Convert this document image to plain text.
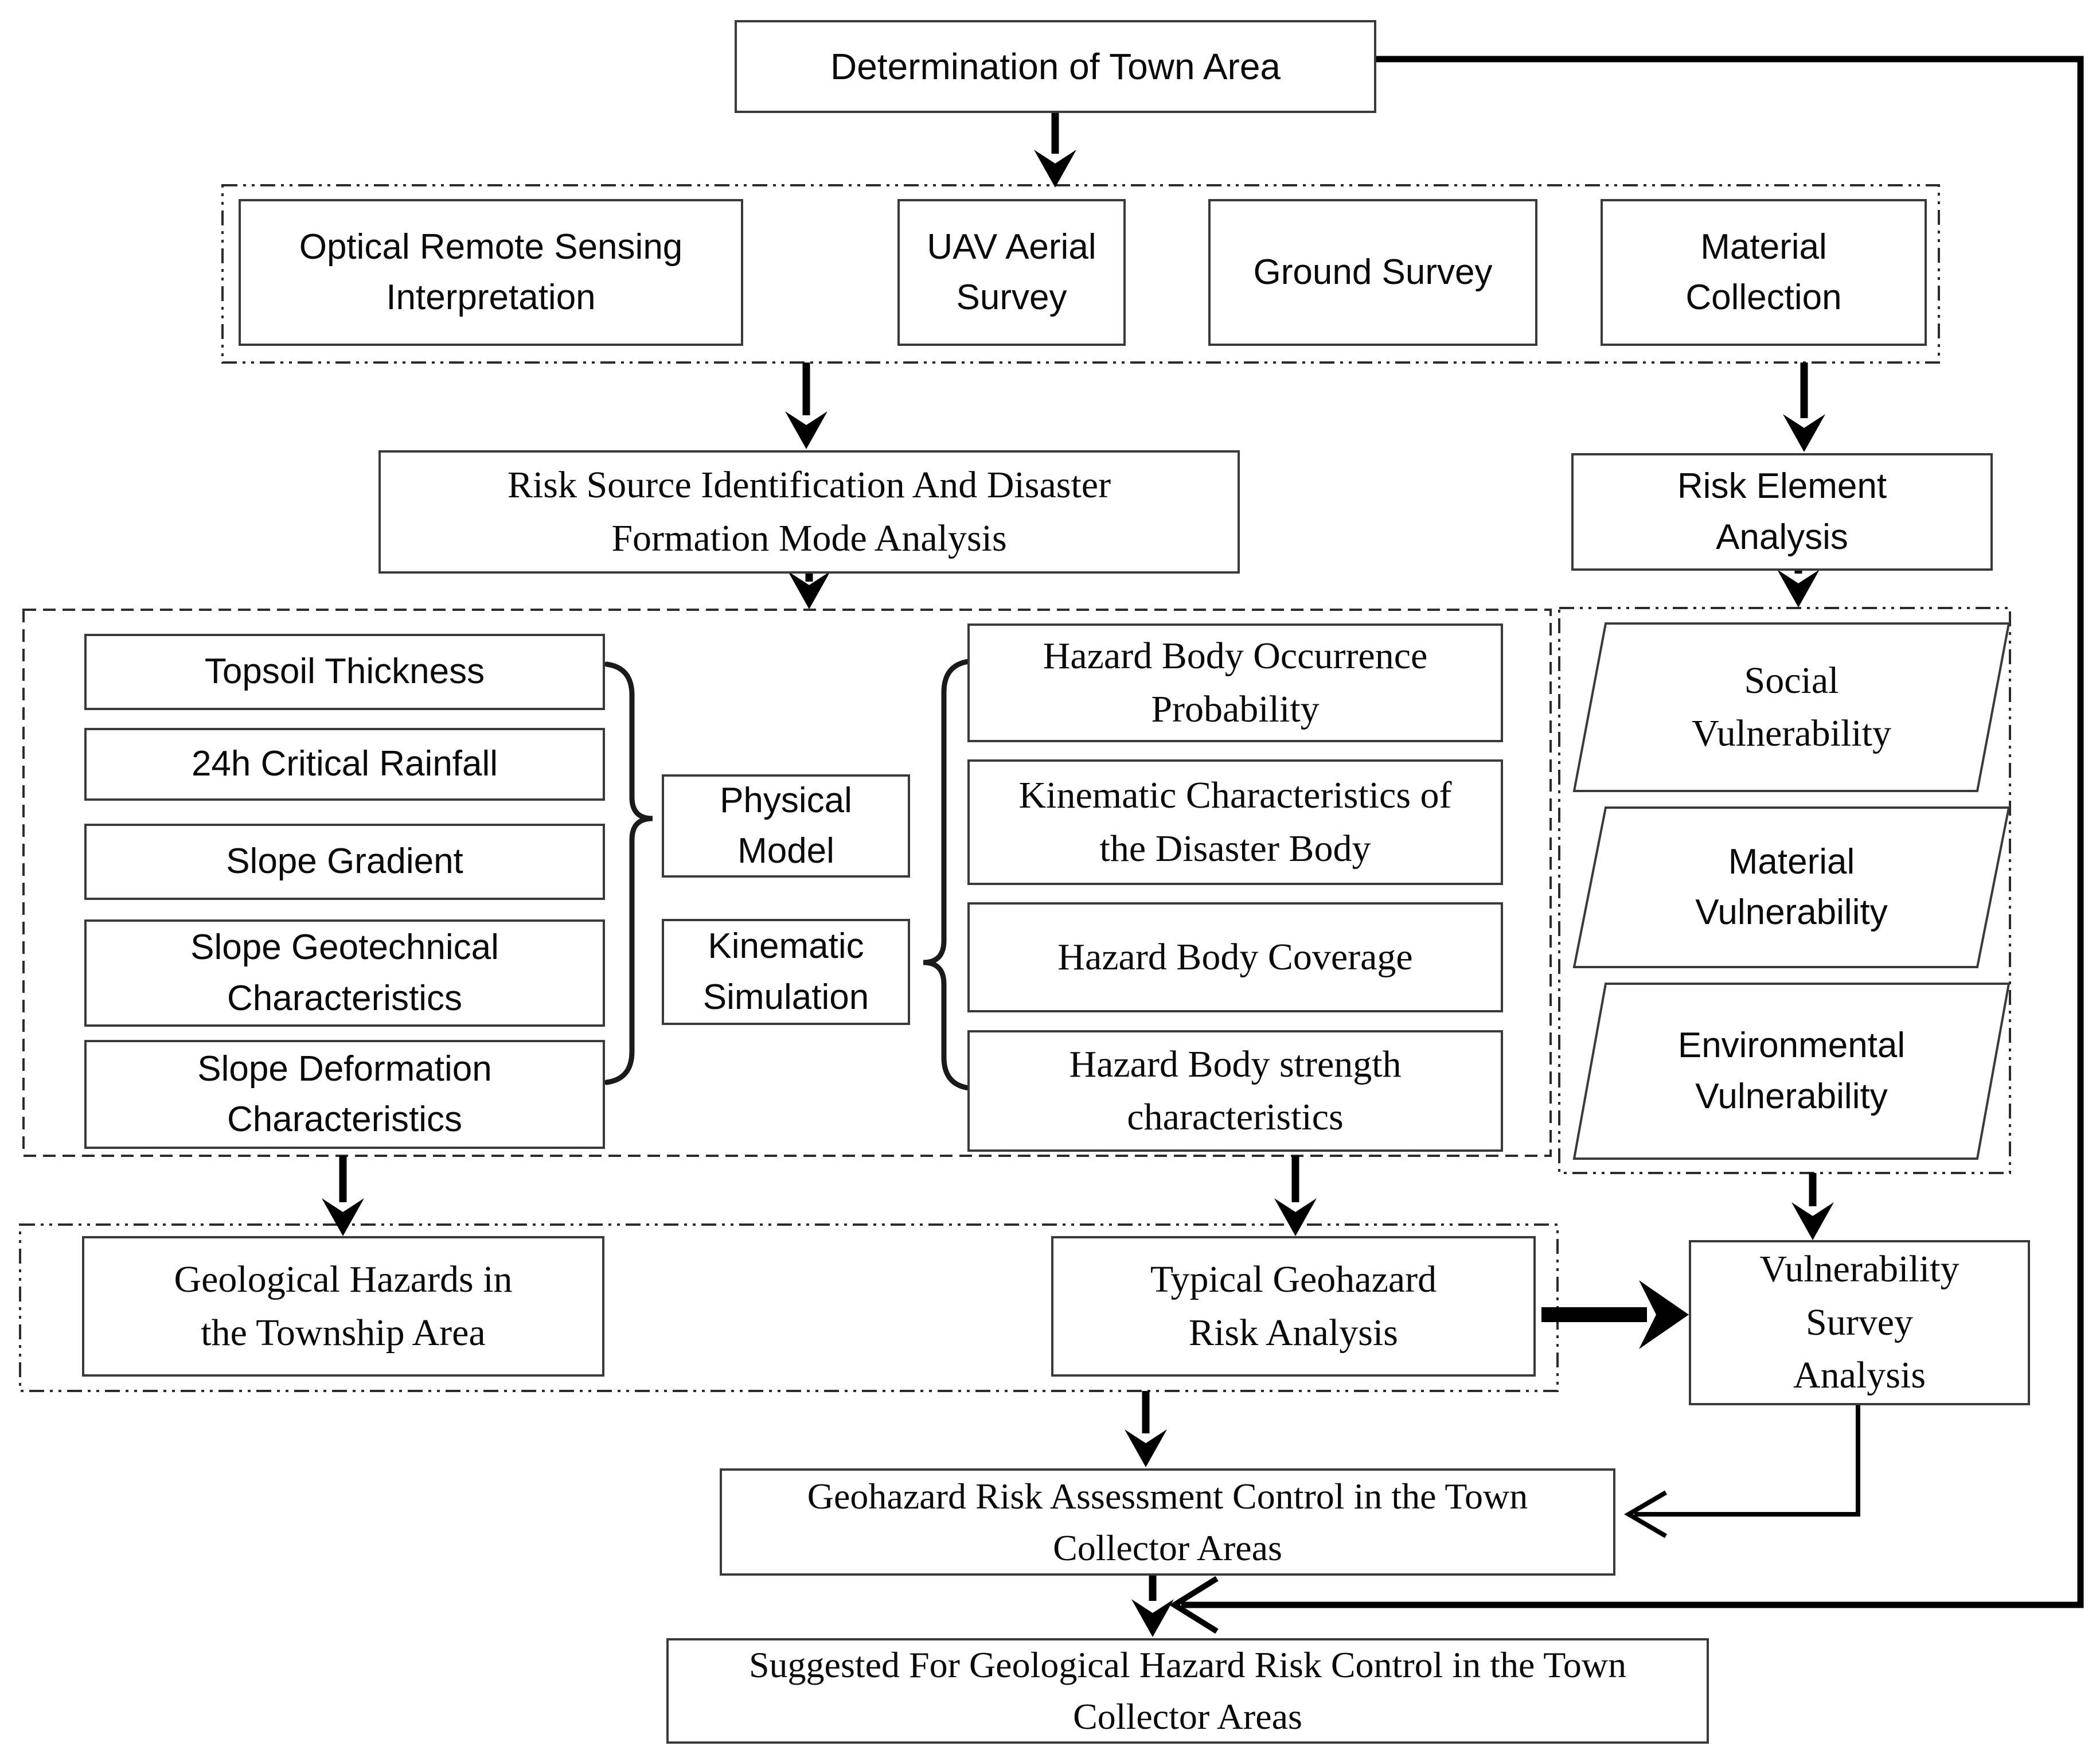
Determination of Town Area
Optical Remote Sensing Interpretation
UAV Aerial Survey
Ground Survey
Material Collection
Risk Source Identification And Disaster Formation Mode Analysis
Risk Element Analysis
Topsoil Thickness
24h Critical Rainfall
Slope Gradient
Slope Geotechnical Characteristics
Slope Deformation Characteristics
Physical Model
Kinematic Simulation
Hazard Body Occurrence Probability
Kinematic Characteristics of the Disaster Body
Hazard Body Coverage
Hazard Body strength characteristics
Social Vulnerability
Material Vulnerability
Environmental Vulnerability
Geological Hazards in the Township Area
Typical Geohazard Risk Analysis
Vulnerability Survey Analysis
Geohazard Risk Assessment Control in the Town Collector Areas
Suggested For Geological Hazard Risk Control in the Town Collector Areas
